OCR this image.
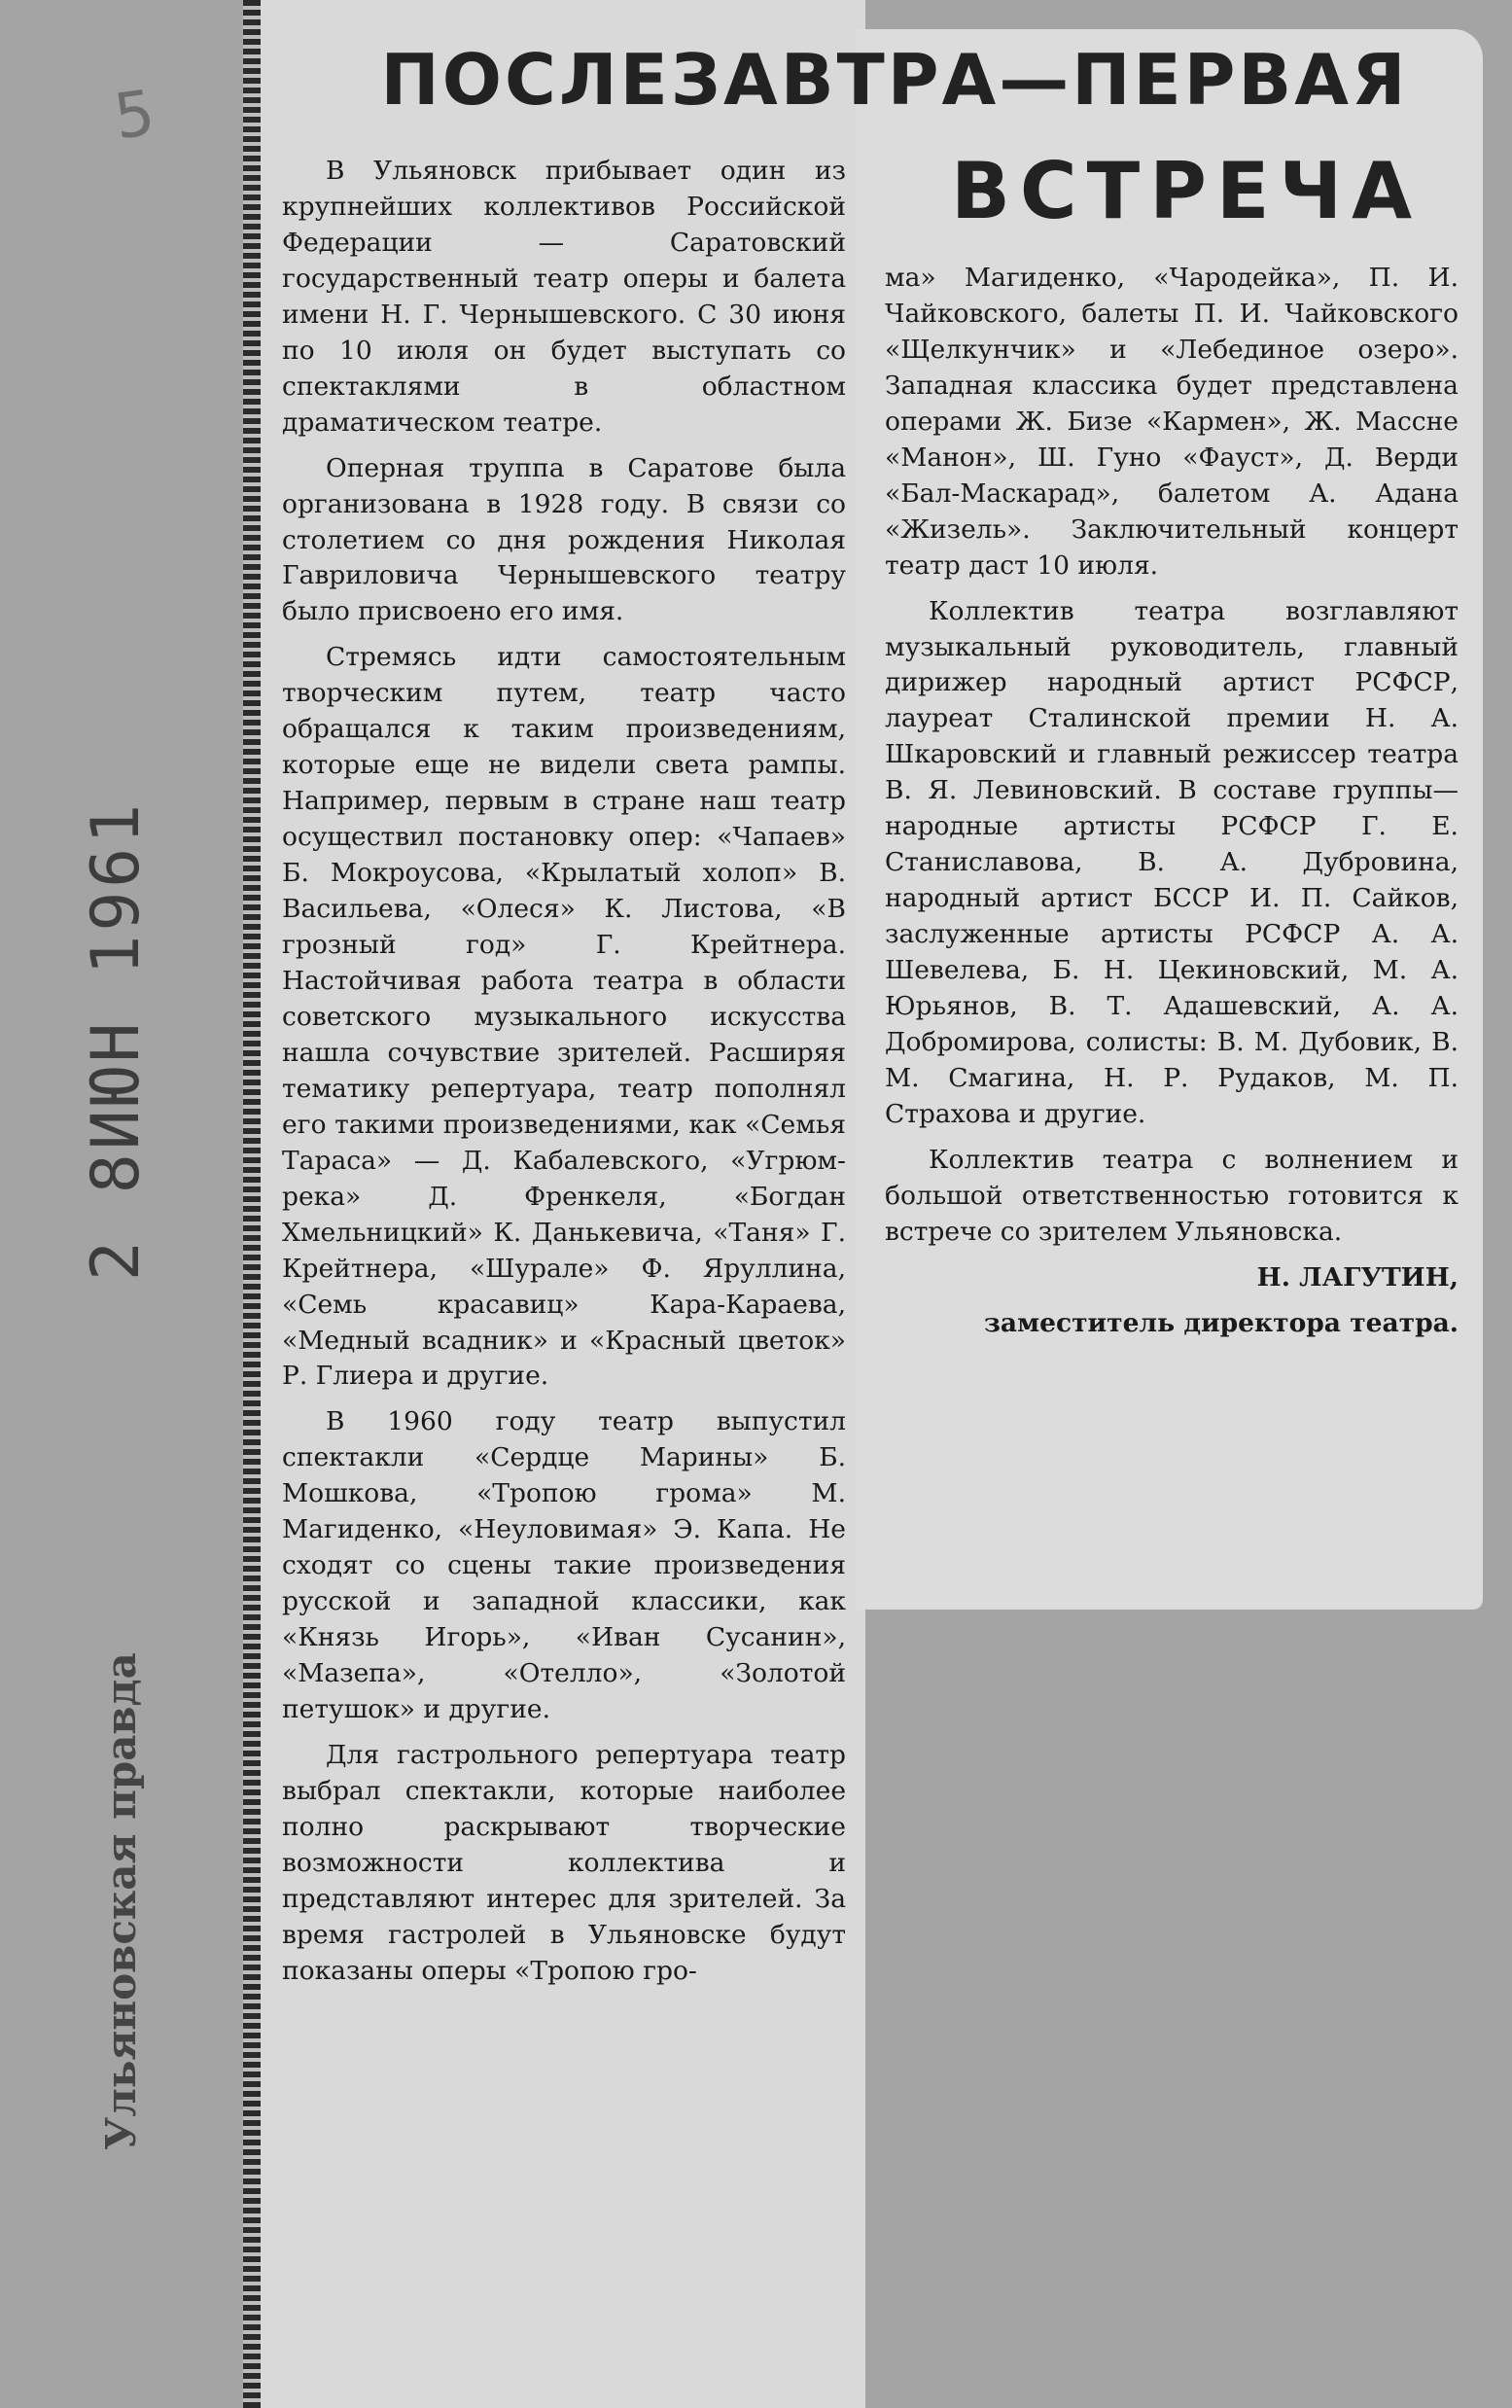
5
2 8ИЮН 1961
Ульяновская правда
ПОСЛЕЗАВТРА—ПЕРВАЯ
ВСТРЕЧА

В Ульяновск прибывает один из крупнейших коллективов Российской Федерации — Саратовский государственный театр оперы и балета имени Н. Г. Чернышевского. С 30 июня по 10 июля он будет выступать со спектаклями в областном драматическом театре.

Оперная труппа в Саратове была организована в 1928 году. В связи со столетием со дня рождения Николая Гавриловича Чернышевского театру было присвоено его имя.

Стремясь идти самостоятельным творческим путем, театр часто обращался к таким произведениям, которые еще не видели света рампы. Например, первым в стране наш театр осуществил постановку опер: «Чапаев» Б. Мокроусова, «Крылатый холоп» В. Васильева, «Олеся» К. Листова, «В грозный год» Г. Крейтнера. Настойчивая работа театра в области советского музыкального искусства нашла сочувствие зрителей. Расширяя тематику репертуара, театр пополнял его такими произведениями, как «Семья Тараса» — Д. Кабалевского, «Угрюм-река» Д. Френкеля, «Богдан Хмельницкий» К. Данькевича, «Таня» Г. Крейтнера, «Шурале» Ф. Яруллина, «Семь красавиц» Кара-Караева, «Медный всадник» и «Красный цветок» Р. Глиера и другие.

В 1960 году театр выпустил спектакли «Сердце Марины» Б. Мошкова, «Тропою грома» М. Магиденко, «Неуловимая» Э. Капа. Не сходят со сцены такие произведения русской и западной классики, как «Князь Игорь», «Иван Сусанин», «Мазепа», «Отелло», «Золотой петушок» и другие.

Для гастрольного репертуара театр выбрал спектакли, которые наиболее полно раскрывают творческие возможности коллектива и представляют интерес для зрителей. За время гастролей в Ульяновске будут показаны оперы «Тропою гро-

ма» Магиденко, «Чародейка», П. И. Чайковского, балеты П. И. Чайковского «Щелкунчик» и «Лебединое озеро». Западная классика будет представлена операми Ж. Бизе «Кармен», Ж. Массне «Манон», Ш. Гуно «Фауст», Д. Верди «Бал-Маскарад», балетом А. Адана «Жизель». Заключительный концерт театр даст 10 июля.

Коллектив театра возглавляют музыкальный руководитель, главный дирижер народный артист РСФСР, лауреат Сталинской премии Н. А. Шкаровский и главный режиссер театра В. Я. Левиновский. В составе группы—народные артисты РСФСР Г. Е. Станиславова, В. А. Дубровина, народный артист БССР И. П. Сайков, заслуженные артисты РСФСР А. А. Шевелева, Б. Н. Цекиновский, М. А. Юрьянов, В. Т. Адашевский, А. А. Добромирова, солисты: В. М. Дубовик, В. М. Смагина, Н. Р. Рудаков, М. П. Страхова и другие.

Коллектив театра с волнением и большой ответственностью готовится к встрече со зрителем Ульяновска.

Н. ЛАГУТИН,

заместитель директора театра.
